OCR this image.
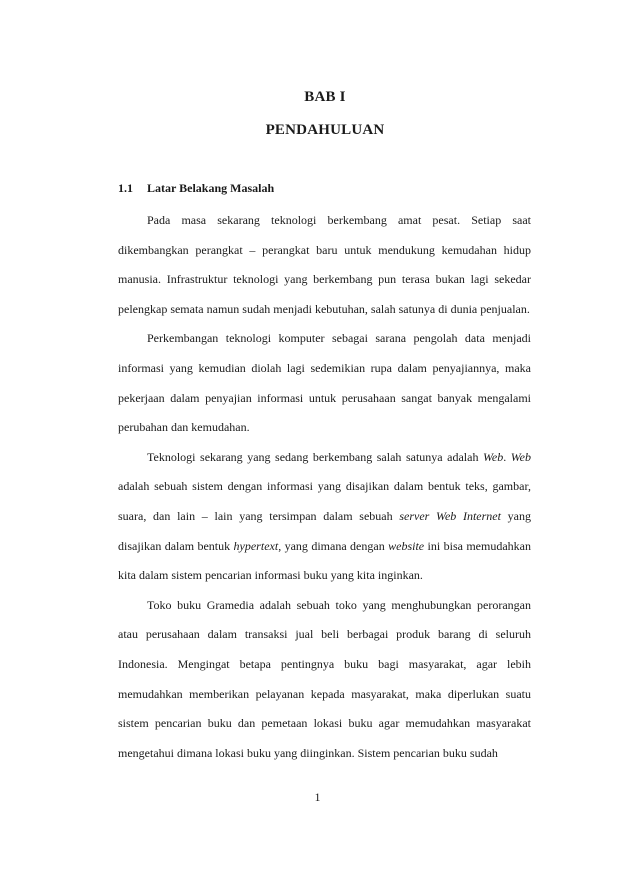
BAB I
PENDAHULUAN
1.1 Latar Belakang Masalah

Pada masa sekarang teknologi berkembang amat pesat. Setiap saat dikembangkan perangkat – perangkat baru untuk mendukung kemudahan hidup manusia. Infrastruktur teknologi yang berkembang pun terasa bukan lagi sekedar pelengkap semata namun sudah menjadi kebutuhan, salah satunya di dunia penjualan.

Perkembangan teknologi komputer sebagai sarana pengolah data menjadi informasi yang kemudian diolah lagi sedemikian rupa dalam penyajiannya, maka pekerjaan dalam penyajian informasi untuk perusahaan sangat banyak mengalami perubahan dan kemudahan.

Teknologi sekarang yang sedang berkembang salah satunya adalah Web. Web adalah sebuah sistem dengan informasi yang disajikan dalam bentuk teks, gambar, suara, dan lain – lain yang tersimpan dalam sebuah server Web Internet yang disajikan dalam bentuk hypertext, yang dimana dengan website ini bisa memudahkan kita dalam sistem pencarian informasi buku yang kita inginkan.

Toko buku Gramedia adalah sebuah toko yang menghubungkan perorangan atau perusahaan dalam transaksi jual beli berbagai produk barang di seluruh Indonesia. Mengingat betapa pentingnya buku bagi masyarakat, agar lebih memudahkan memberikan pelayanan kepada masyarakat, maka diperlukan suatu sistem pencarian buku dan pemetaan lokasi buku agar memudahkan masyarakat mengetahui dimana lokasi buku yang diinginkan. Sistem pencarian buku sudah

1
